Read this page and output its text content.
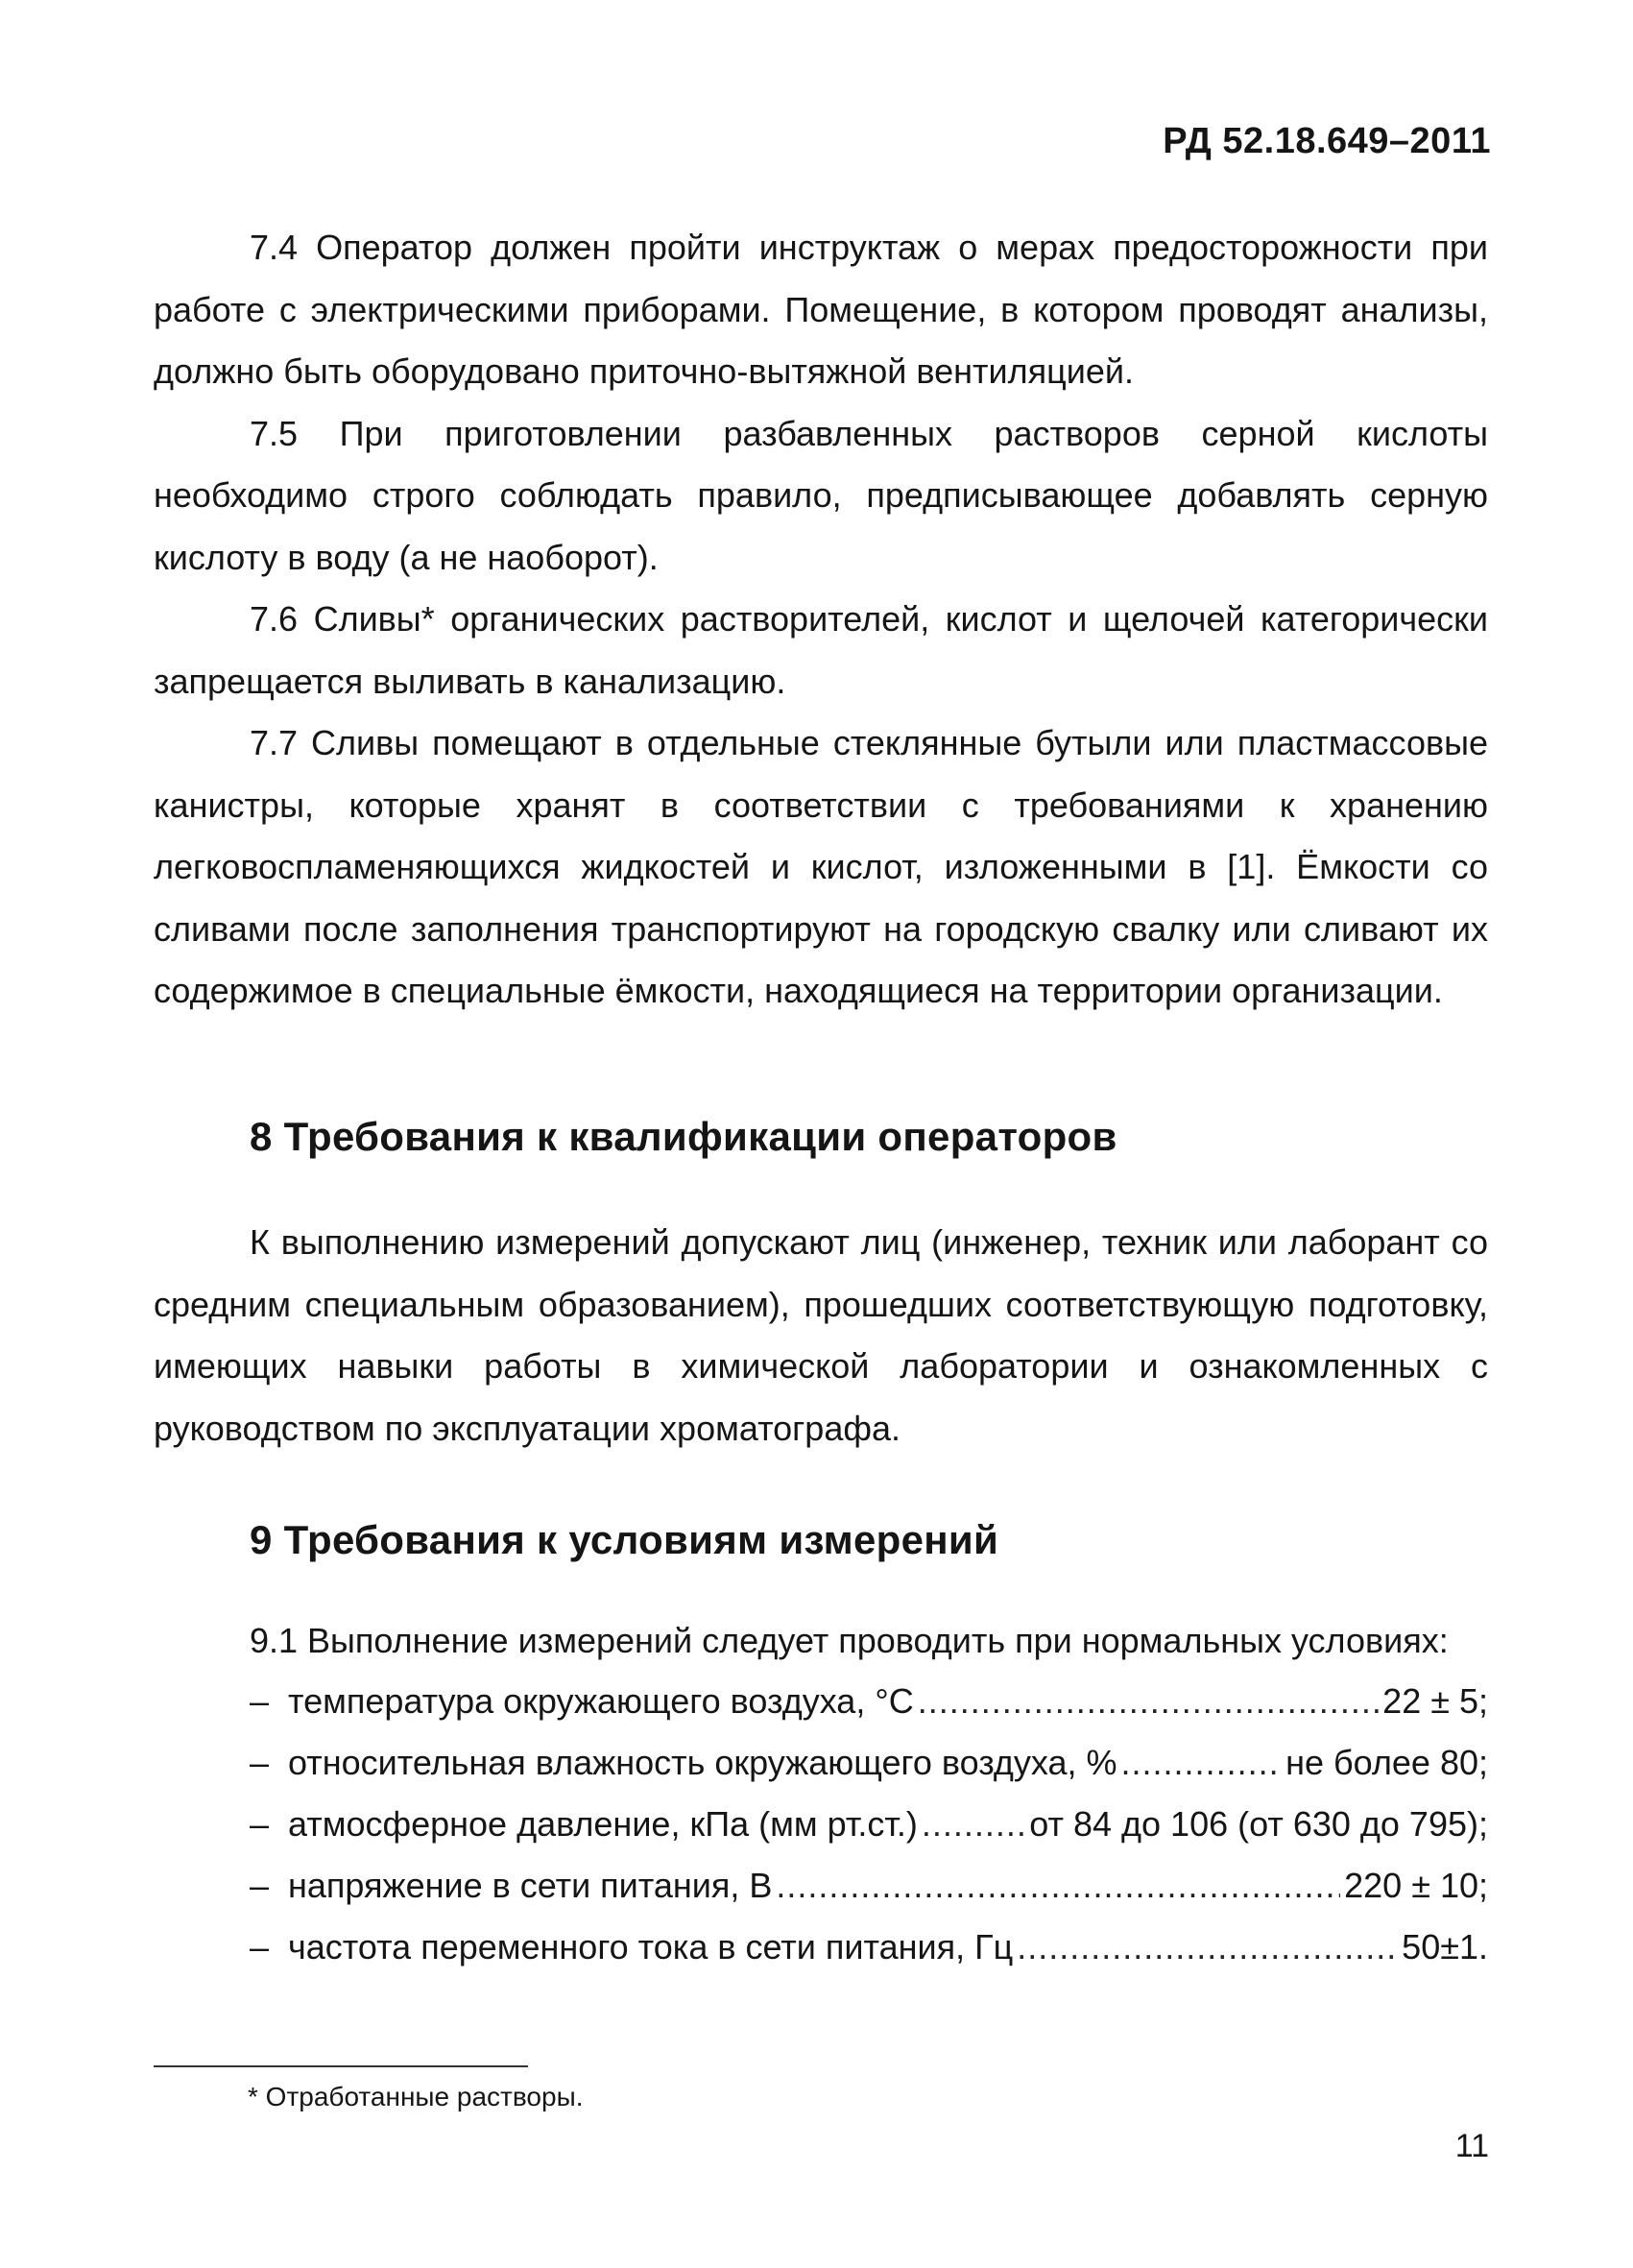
РД 52.18.649–2011

7.4 Оператор должен пройти инструктаж о мерах предосторожности при работе с электрическими приборами. Помещение, в котором проводят анализы, должно быть оборудовано приточно-вытяжной вентиляцией.

7.5 При приготовлении разбавленных растворов серной кислоты необходимо строго соблюдать правило, предписывающее добавлять серную кислоту в воду (а не наоборот).

7.6 Сливы* органических растворителей, кислот и щелочей категорически запрещается выливать в канализацию.

7.7 Сливы помещают в отдельные стеклянные бутыли или пластмассовые канистры, которые хранят в соответствии с требованиями к хранению легковоспламеняющихся жидкостей и кислот, изложенными в [1]. Ёмкости со сливами после заполнения транспортируют на городскую свалку или сливают их содержимое в специальные ёмкости, находящиеся на территории организации.

8 Требования к квалификации операторов

К выполнению измерений допускают лиц (инженер, техник или лаборант со средним специальным образованием), прошедших соответствующую подготовку, имеющих навыки работы в химической лаборатории и ознакомленных с руководством по эксплуатации хроматографа.

9 Требования к условиям измерений
9.1 Выполнение измерений следует проводить при нормальных условиях:
– температура окружающего воздуха, °С .....	22 ± 5;
– относительная влажность окружающего воздуха, % .....	не более 80;
– атмосферное давление, кПа (мм рт.ст.) .....	от 84 до 106 (от 630 до 795);
– напряжение в сети питания, В .....	220 ± 10;
– частота переменного тока в сети питания, Гц .....	50±1.
* Отработанные растворы.
11
